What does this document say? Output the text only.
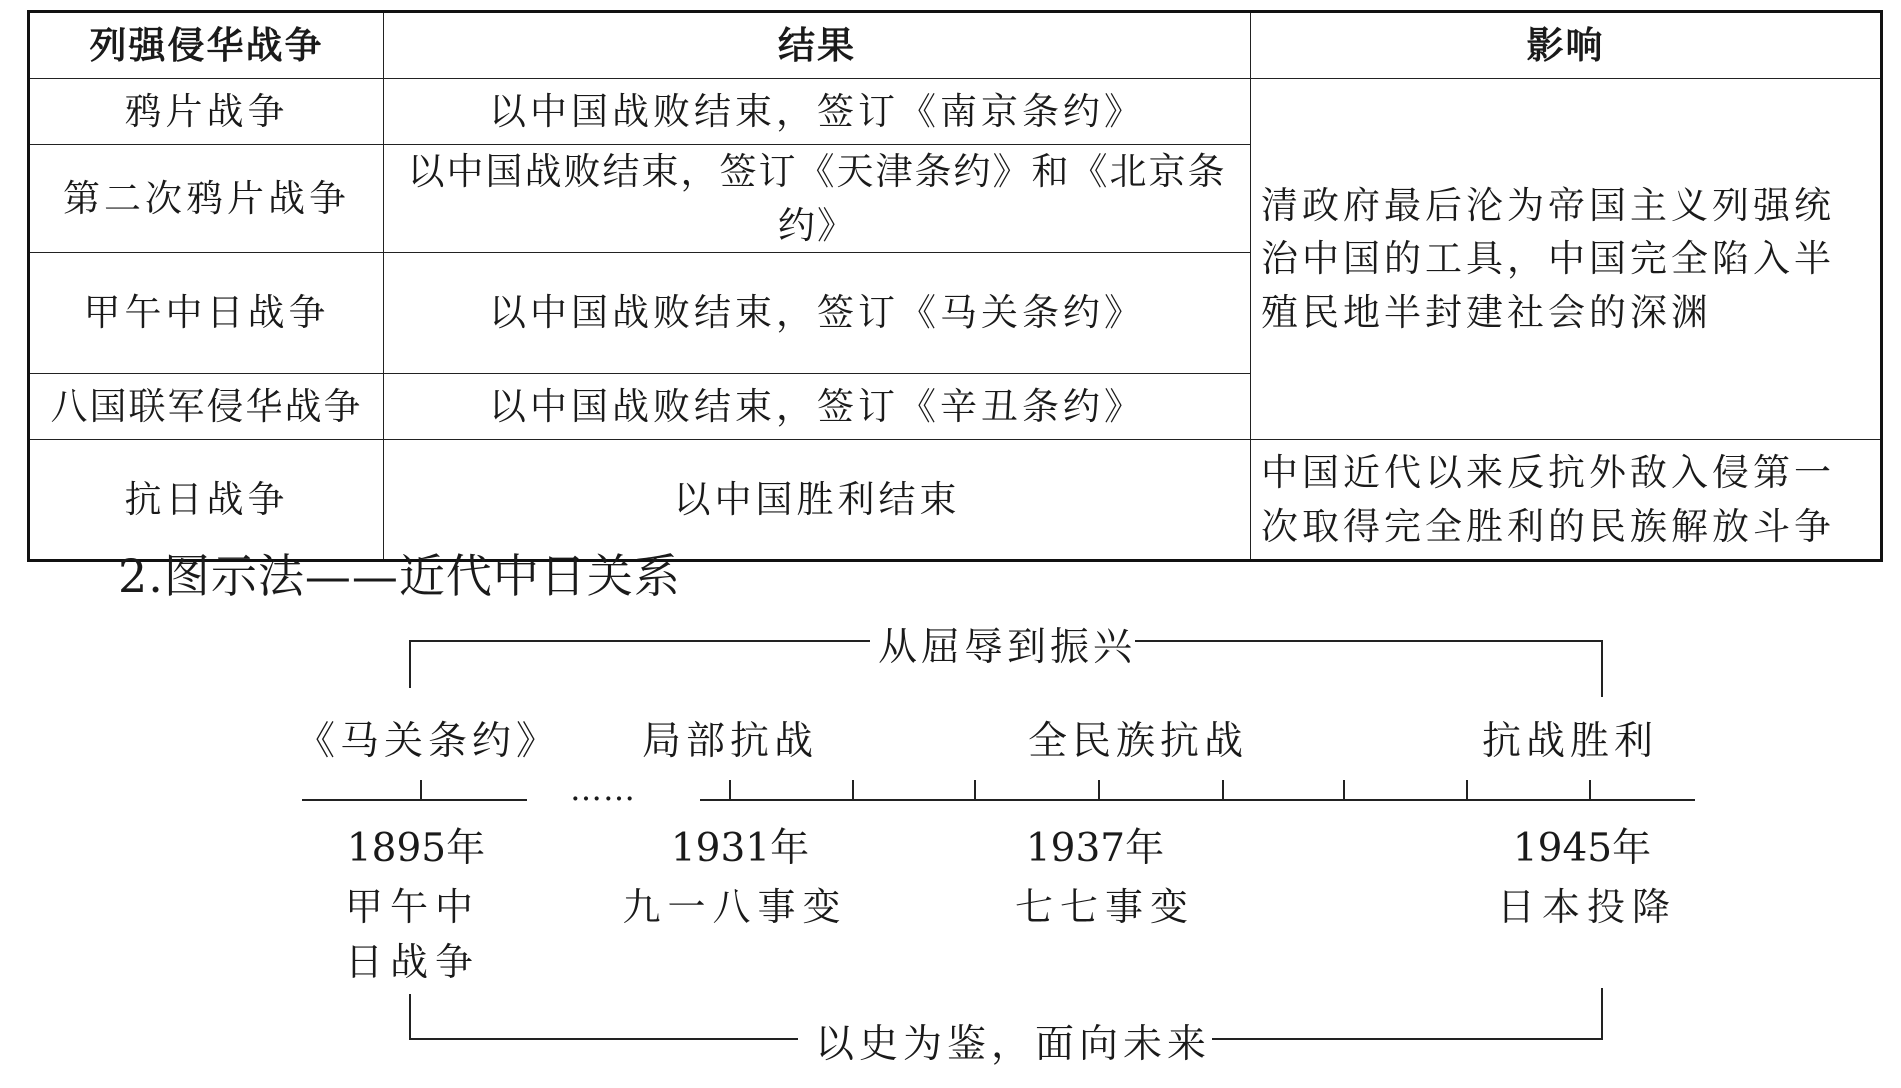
列强侵华战争	结果	影响
鸦片战争	以中国战败结束，签订《南京条约》	清政府最后沦为帝国主义列强统治中国的工具，中国完全陷入半殖民地半封建社会的深渊
第二次鸦片战争	以中国战败结束，签订《天津条约》和《北京条约》	
甲午中日战争	以中国战败结束，签订《马关条约》	
八国联军侵华战争	以中国战败结束，签订《辛丑条约》	
抗日战争	以中国胜利结束	中国近代以来反抗外敌入侵第一次取得完全胜利的民族解放斗争
2.图示法——近代中日关系
从屈辱到振兴
……
以史为鉴，面向未来
《马关条约》
1895年
甲午中日战争
局部抗战
1931年
九一八事变
全民族抗战
1937年
七七事变
抗战胜利
1945年
日本投降
